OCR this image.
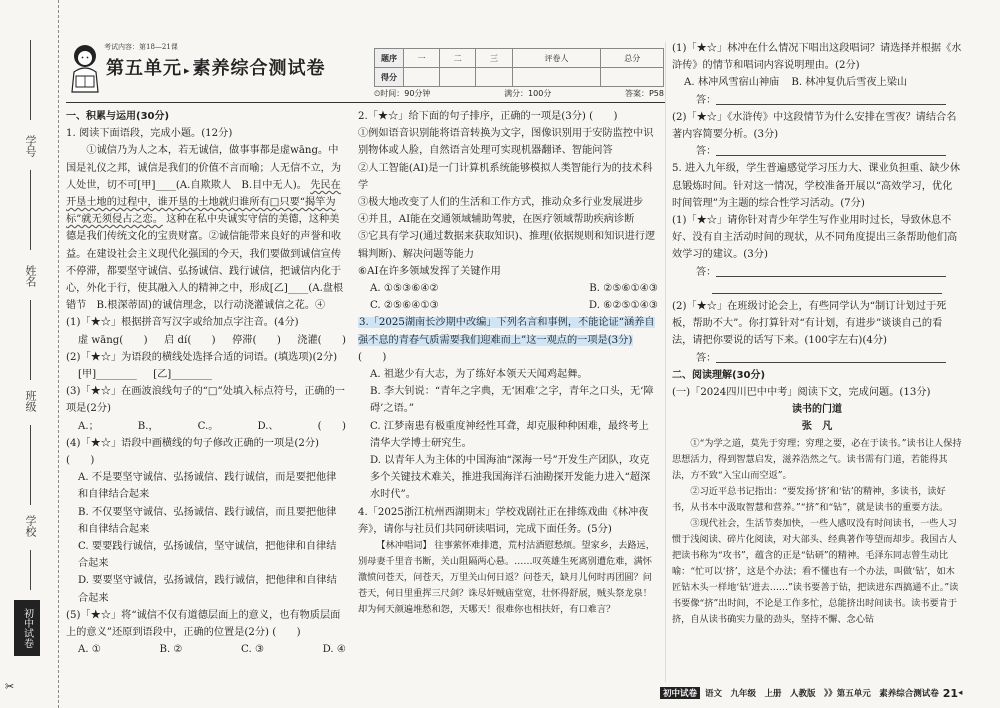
学号
姓名
班级
学校
初中试卷
✂
第五单元 ▸ 素养综合测试卷
考试内容：第18—21课
题序	一	二	三	评卷人	总分
得分					
⏲时间：90分钟	满分：100分	答案：P58
一、积累与运用(30分)

1. 阅读下面语段，完成小题。(12分)

①诚信乃为人之本，若无诚信，做事事都是虚wāng。中国是礼仪之邦，诚信是我们的价值不言而喻；人无信不立，为人处世，切不可[甲]____(A.自欺欺人　B.目中无人)。 先民在开垦土地的过程中，谁开垦的土地就归谁所有□只要“揭竿为标”就无须侵占之恋。 这种在私中央诚实守信的美德，这种美德是我们传统文化的宝贵财富。②诚信能带来良好的声誉和收益。在建设社会主义现代化强国的今天，我们要做到诚信宣传不停滞，都要坚守诚信、弘扬诚信、践行诚信，把诚信内化于心，外化于行，使其融入人的精神之中，形成[乙]____(A.盘根错节　B.根深蒂固)的诚信理念，以行动浇灌诚信之花。④

(1)「★☆」根据拼音写汉字或给加点字注音。(4分)

虚 wāng(　　) 启 dí(　　) 停滞(　　) 浇灌(　　)

(2)「★☆」为语段的横线处选择合适的词语。(填选项)(2分)

[甲]________ [乙]________

(3)「★☆」在画波浪线句子的“□”处填入标点符号，正确的一项是(2分)

A.；	B.，	C.。	D.、	(　　)

(4)「★☆」语段中画横线的句子修改正确的一项是(2分) (　　)

A. 不是要坚守诚信、弘扬诚信、践行诚信，而是要把他律和自律结合起来
B. 不仅要坚守诚信、弘扬诚信、践行诚信，而且要把他律和自律结合起来
C. 要要践行诚信，弘扬诚信，坚守诚信，把他律和自律结合起来
D. 要要坚守诚信，弘扬诚信，践行诚信，把他律和自律结合起来

(5)「★☆」将“诚信不仅有道德层面上的意义，也有物质层面上的意义”还原到语段中，正确的位置是(2分) (　　)

A. ①	B. ②	C. ③	D. ④

2.「★☆」给下面的句子排序，正确的一项是(3分) (　　)

①例如语音识别能将语音转换为文字，图像识别用于安防监控中识别物体或人脸，自然语言处理可实现机器翻译、智能问答
②人工智能(AI)是一门计算机系统能够模拟人类智能行为的技术科学
③极大地改变了人们的生活和工作方式，推动众多行业发展进步
④并且，AI能在交通领域辅助驾驶，在医疗领域帮助疾病诊断
⑤它具有学习(通过数据来获取知识)、推理(依据规则和知识进行逻辑判断)、解决问题等能力
⑥AI在许多领域发挥了关键作用
A. ①⑤③⑥④②	B. ②⑤⑥①④③
C. ②⑤⑥④①③	D. ⑥②⑤①④③

3.「2025湖南长沙期中改编」下列名言和事例，不能论证“涵养自强不息的青春气质需要我们迎难而上”这一观点的一项是(3分) (　　)

A. 祖逖少有大志，为了练好本领天天闻鸡起舞。
B. 李大钊说：“青年之字典，无‘困难’之字，青年之口头，无‘障碍’之语。”
C. 江梦南患有极重度神经性耳聋，却克服种种困难，最终考上清华大学博士研究生。
D. 以青年人为主体的中国海油“深海一号”开发生产团队，攻克多个关键技术难关，推进我国海洋石油勘探开发能力进入“超深水时代”。

4.「2025浙江杭州西湖期末」学校戏剧社正在排练戏曲《林冲夜奔》，请你与社员们共同研读唱词，完成下面任务。(5分)

【林冲唱词】 往事萦怀难排遣，荒村沽酒慰愁烦。望家乡，去路远，别母妻千里音书断，关山阻隔两心悬。……叹英雄生死离别遭危难，满怀激愤问苍天，问苍天，万里关山何日返？问苍天，缺月儿何时再团圆？问苍天，何日里重挥三尺剑？诛尽奸贼庙堂宽，壮怀得舒展，贼头祭龙泉！却为何天颜遍堆愁和怨，天哪天！很难你也相扶奸，有口难言？

(1)「★☆」林冲在什么情况下唱出这段唱词？请选择并根据《水浒传》的情节和唱词内容说明理由。(2分)

A. 林冲风雪宿山神庙 B. 林冲复仇后雪夜上梁山
答：

(2)「★☆」《水浒传》中这段情节为什么安排在雪夜？请结合名著内容简要分析。(3分)

答：

5. 进入九年级，学生普遍感觉学习压力大、课业负担重、缺少休息锻炼时间。针对这一情况，学校准备开展以“高效学习，优化时间管理”为主题的综合性学习活动。(7分)

(1)「★☆」请你针对青少年学生写作业用时过长，导致休息不好、没有自主活动时间的现状，从不同角度提出三条帮助他们高效学习的建议。(3分)

答：

(2)「★☆」在班级讨论会上，有些同学认为“制订计划过于死板，帮助不大”。你打算针对“有计划，有进步”谈谈自己的看法，请把你要说的话写下来。(100字左右)(4分)

答：
二、阅读理解(30分)

(一)「2024四川巴中中考」阅读下文，完成问题。(13分)

读书的门道
张　凡

①“为学之道，莫先于穷理；穷理之要，必在于读书。”读书让人保持思想活力，得到智慧启发，滋养浩然之气。读书需有门道，若能得其法，方不致“入宝山而空返”。

②习近平总书记指出：“要发扬‘挤’和‘钻’的精神，多读书，读好书，从书本中汲取智慧和营养。”“挤”和“钻”，就是读书的重要方法。

③现代社会，生活节奏加快，一些人感叹没有时间读书，一些人习惯于浅阅读、碎片化阅读，对大部头、经典著作等望而却步。我国古人把读书称为“攻书”，蕴含的正是“钻研”的精神。毛泽东同志曾生动比喻：“忙可以‘挤’，这是个办法；看不懂也有一个办法，叫做‘钻’，如木匠钻木头一样地‘钻’进去……”读书要善于钻，把读进东西搞通不止。”读书要像“挤”出时间，不论是工作多忙，总能挤出时间读书。读书要肯于挤，自从读书确实力量的劲头，坚持不懈、念心钻

初中试卷 语文　九年级　上册　人教版　》》第五单元　素养综合测试卷 21 ◂
